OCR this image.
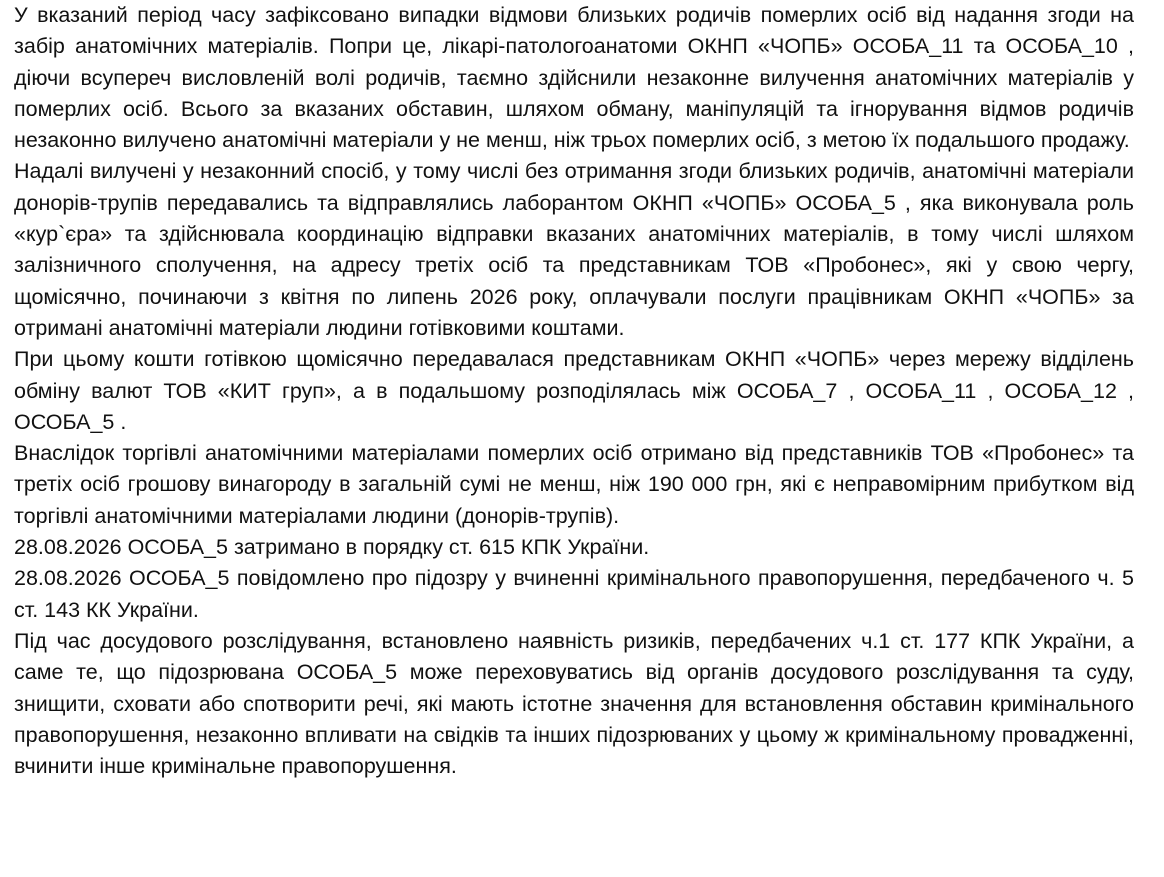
У вказаний період часу зафіксовано випадки відмови близьких родичів померлих осіб від надання згоди на забір анатомічних матеріалів. Попри це, лікарі-патологоанатоми ОКНП «ЧОПБ» ОСОБА_11 та ОСОБА_10 , діючи всупереч висловленій волі родичів, таємно здійснили незаконне вилучення анатомічних матеріалів у померлих осіб. Всього за вказаних обставин, шляхом обману, маніпуляцій та ігнорування відмов родичів незаконно вилучено анатомічні матеріали у не менш, ніж трьох померлих осіб, з метою їх подальшого продажу.

Надалі вилучені у незаконний спосіб, у тому числі без отримання згоди близьких родичів, анатомічні матеріали донорів-трупів передавались та відправлялись лаборантом ОКНП «ЧОПБ» ОСОБА_5 , яка виконувала роль «кур`єра» та здійснювала координацію відправки вказаних анатомічних матеріалів, в тому числі шляхом залізничного сполучення, на адресу третіх осіб та представникам ТОВ «Пробонес», які у свою чергу, щомісячно, починаючи з квітня по липень 2026 року, оплачували послуги працівникам ОКНП «ЧОПБ» за отримані анатомічні матеріали людини готівковими коштами.

При цьому кошти готівкою щомісячно передавалася представникам ОКНП «ЧОПБ» через мережу відділень обміну валют ТОВ «КИТ груп», а в подальшому розподілялась між ОСОБА_7 , ОСОБА_11 , ОСОБА_12 , ОСОБА_5 .

Внаслідок торгівлі анатомічними матеріалами померлих осіб отримано від представників ТОВ «Пробонес» та третіх осіб грошову винагороду в загальній сумі не менш, ніж 190 000 грн, які є неправомірним прибутком від торгівлі анатомічними матеріалами людини (донорів-трупів).

28.08.2026 ОСОБА_5 затримано в порядку ст. 615 КПК України.

28.08.2026 ОСОБА_5 повідомлено про підозру у вчиненні кримінального правопорушення, передбаченого ч. 5 ст. 143 КК України.

Під час досудового розслідування, встановлено наявність ризиків, передбачених ч.1 ст. 177 КПК України, а саме те, що підозрювана ОСОБА_5 може переховуватись від органів досудового розслідування та суду, знищити, сховати або спотворити речі, які мають істотне значення для встановлення обставин кримінального правопорушення, незаконно впливати на свідків та інших підозрюваних у цьому ж кримінальному провадженні, вчинити інше кримінальне правопорушення.
